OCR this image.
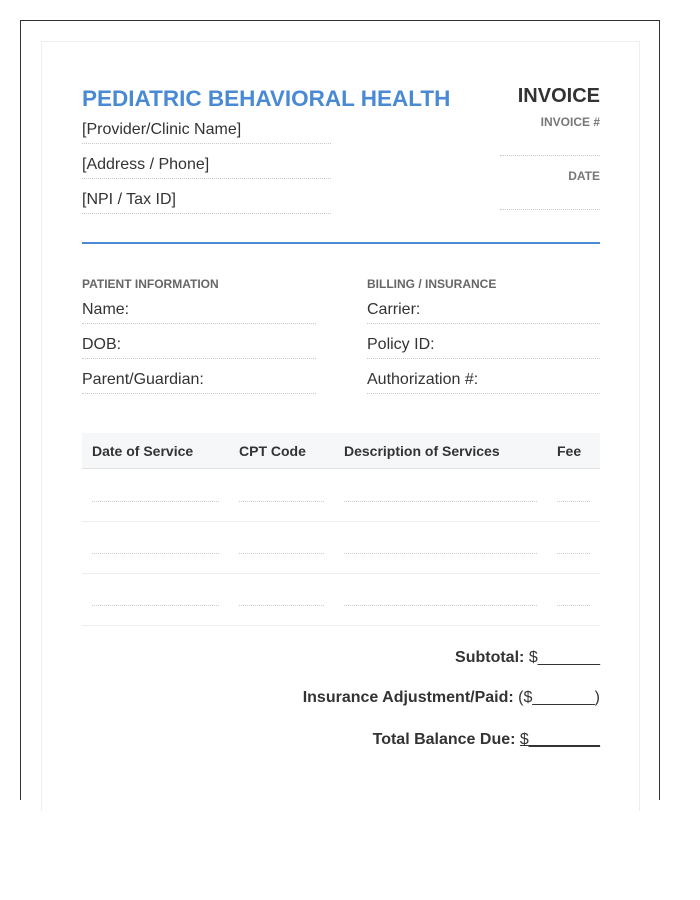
PEDIATRIC BEHAVIORAL HEALTH
[Provider/Clinic Name]
[Address / Phone]
[NPI / Tax ID]
INVOICE
INVOICE #
DATE
PATIENT INFORMATION
Name:
DOB:
Parent/Guardian:
BILLING / INSURANCE
Carrier:
Policy ID:
Authorization #:
Date of Service	CPT Code	Description of Services	Fee
Subtotal: $_______
Insurance Adjustment/Paid: ($_______)
Total Balance Due: $________
